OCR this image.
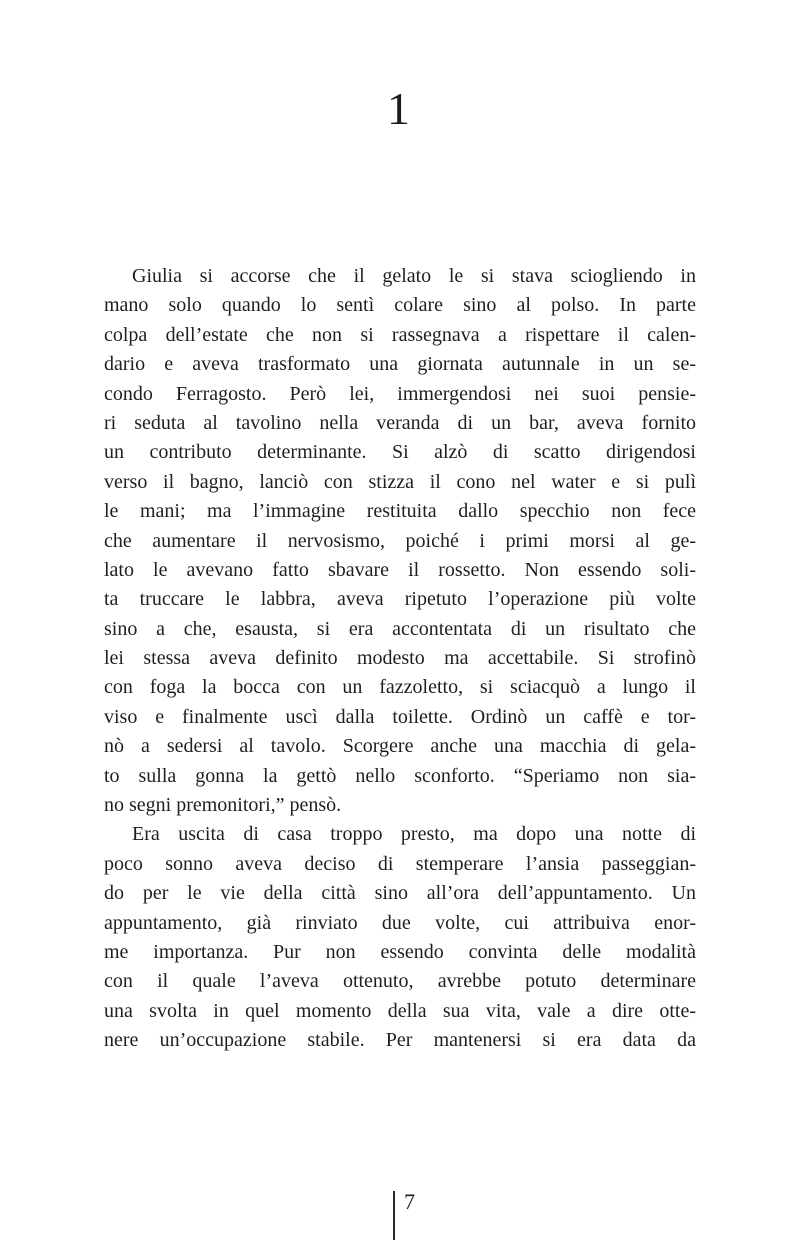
1
Giulia si accorse che il gelato le si stava sciogliendo in
mano solo quando lo sentì colare sino al polso. In parte
colpa dell’estate che non si rassegnava a rispettare il calen-
dario e aveva trasformato una giornata autunnale in un se-
condo Ferragosto. Però lei, immergendosi nei suoi pensie-
ri seduta al tavolino nella veranda di un bar, aveva fornito
un contributo determinante. Si alzò di scatto dirigendosi
verso il bagno, lanciò con stizza il cono nel water e si pulì
le mani; ma l’immagine restituita dallo specchio non fece
che aumentare il nervosismo, poiché i primi morsi al ge-
lato le avevano fatto sbavare il rossetto. Non essendo soli-
ta truccare le labbra, aveva ripetuto l’operazione più volte
sino a che, esausta, si era accontentata di un risultato che
lei stessa aveva definito modesto ma accettabile. Si strofinò
con foga la bocca con un fazzoletto, si sciacquò a lungo il
viso e finalmente uscì dalla toilette. Ordinò un caffè e tor-
nò a sedersi al tavolo. Scorgere anche una macchia di gela-
to sulla gonna la gettò nello sconforto. “Speriamo non sia-
no segni premonitori,” pensò.
Era uscita di casa troppo presto, ma dopo una notte di
poco sonno aveva deciso di stemperare l’ansia passeggian-
do per le vie della città sino all’ora dell’appuntamento. Un
appuntamento, già rinviato due volte, cui attribuiva enor-
me importanza. Pur non essendo convinta delle modalità
con il quale l’aveva ottenuto, avrebbe potuto determinare
una svolta in quel momento della sua vita, vale a dire otte-
nere un’occupazione stabile. Per mantenersi si era data da
7
